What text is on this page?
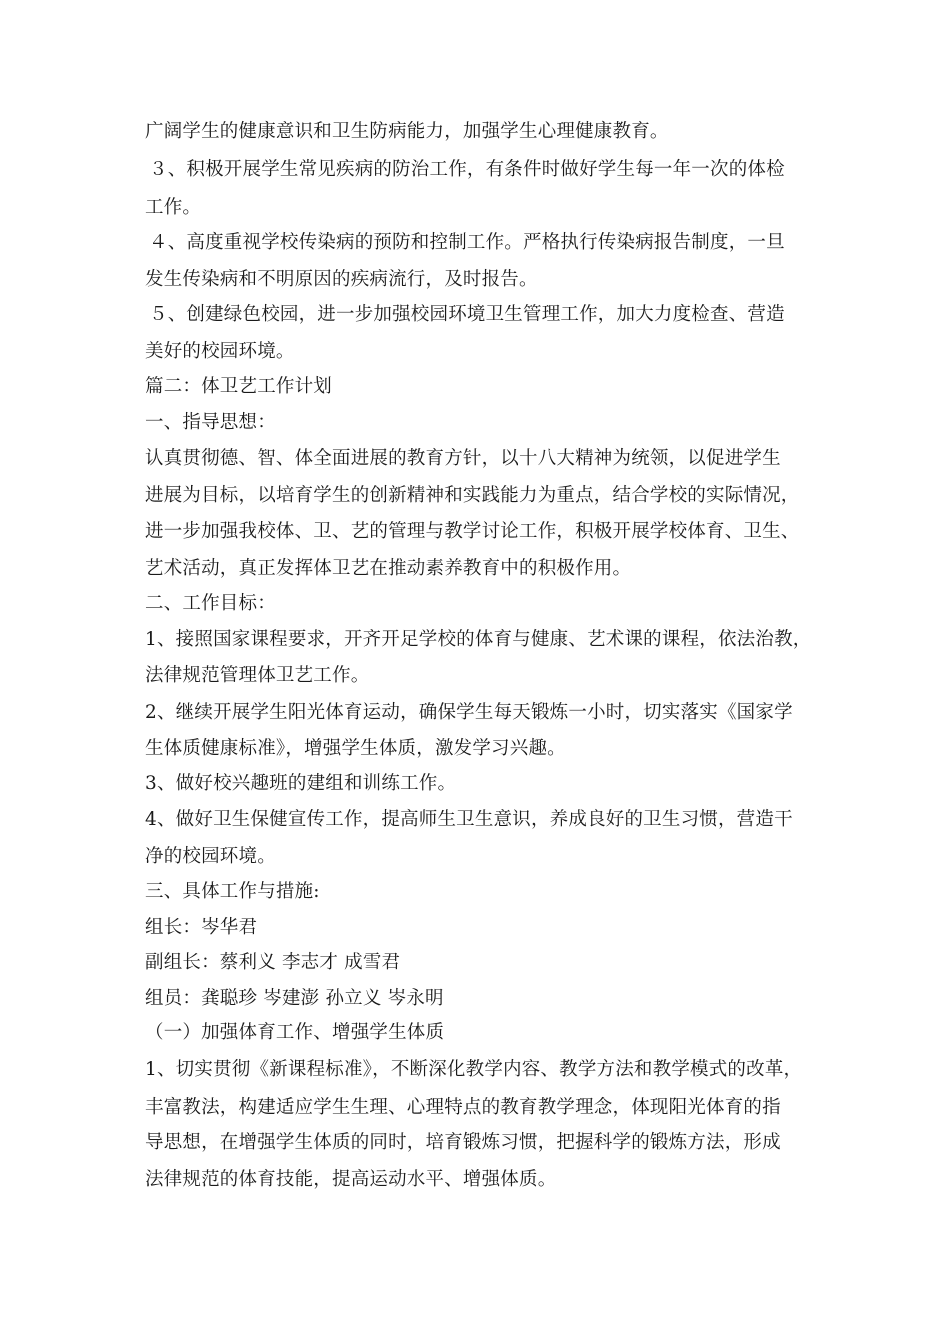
广阔学生的健康意识和卫生防病能力，加强学生心理健康教育。
３、积极开展学生常见疾病的防治工作，有条件时做好学生每一年一次的体检
工作。
４、高度重视学校传染病的预防和控制工作。严格执行传染病报告制度，一旦
发生传染病和不明原因的疾病流行，及时报告。
５、创建绿色校园，进一步加强校园环境卫生管理工作，加大力度检查、营造
美好的校园环境。
篇二：体卫艺工作计划
一、指导思想：
认真贯彻德、智、体全面进展的教育方针，以十八大精神为统领，以促进学生
进展为目标，以培育学生的创新精神和实践能力为重点，结合学校的实际情况，
进一步加强我校体、卫、艺的管理与教学讨论工作，积极开展学校体育、卫生、
艺术活动，真正发挥体卫艺在推动素养教育中的积极作用。
二、工作目标：
1、接照国家课程要求，开齐开足学校的体育与健康、艺术课的课程，依法治教，
法律规范管理体卫艺工作。
2、继续开展学生阳光体育运动，确保学生每天锻炼一小时，切实落实《国家学
生体质健康标准》，增强学生体质，激发学习兴趣。
3、做好校兴趣班的建组和训练工作。
4、做好卫生保健宣传工作，提高师生卫生意识，养成良好的卫生习惯，营造干
净的校园环境。
三、具体工作与措施:
组长：岑华君
副组长：蔡利义 李志才 成雪君
组员：龚聪珍 岑建澎 孙立义 岑永明
（一）加强体育工作、增强学生体质
1、切实贯彻《新课程标准》，不断深化教学内容、教学方法和教学模式的改革，
丰富教法，构建适应学生生理、心理特点的教育教学理念，体现阳光体育的指
导思想，在增强学生体质的同时，培育锻炼习惯，把握科学的锻炼方法，形成
法律规范的体育技能，提高运动水平、增强体质。
